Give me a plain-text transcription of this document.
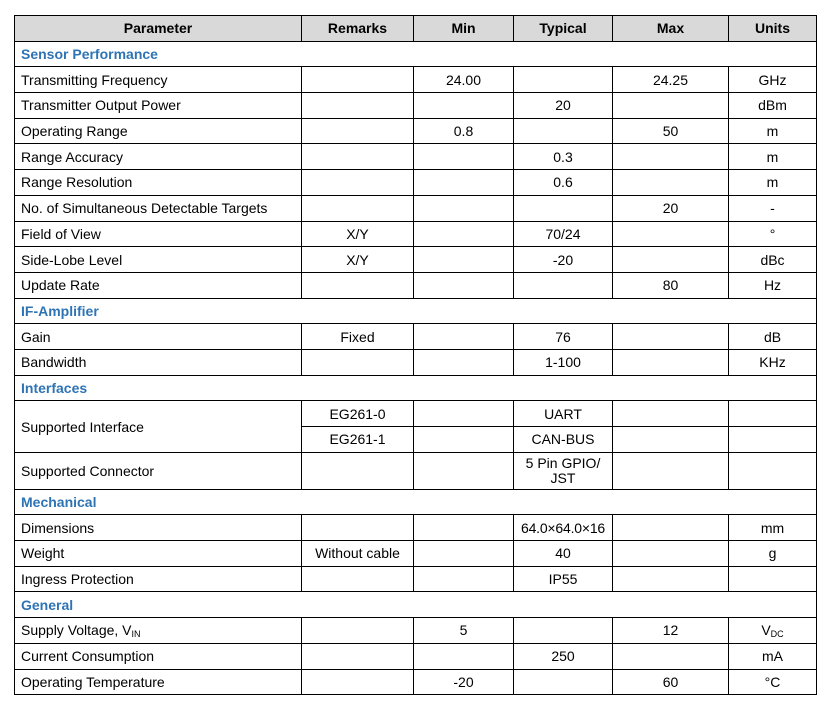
Parameter	Remarks	Min	Typical	Max	Units
Sensor Performance					
Transmitting Frequency		24.00		24.25	GHz
Transmitter Output Power			20		dBm
Operating Range		0.8		50	m
Range Accuracy			0.3		m
Range Resolution			0.6		m
No. of Simultaneous Detectable Targets				20	-
Field of View	X/Y		70/24		°
Side-Lobe Level	X/Y		-20		dBc
Update Rate				80	Hz
IF-Amplifier					
Gain	Fixed		76		dB
Bandwidth			1-100		KHz
Interfaces					
Supported Interface	EG261-0		UART		
	EG261-1		CAN-BUS		
Supported Connector			5 Pin GPIO/ JST		
Mechanical					
Dimensions			64.0×64.0×16		mm
Weight	Without cable		40		g
Ingress Protection			IP55		
General					
Supply Voltage, $V_{IN}$		5		12	$V_{DC}$
Current Consumption			250		mA
Operating Temperature		-20		60	°C
